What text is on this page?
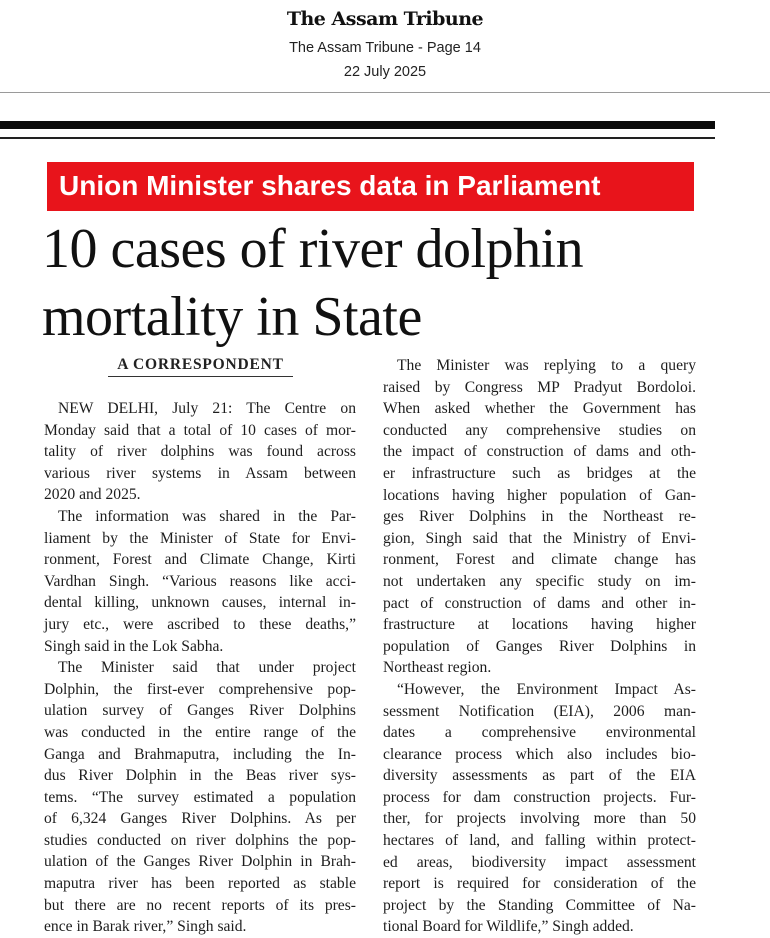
The Assam Tribune
The Assam Tribune - Page 14
22 July 2025
Union Minister shares data in Parliament
10 cases of river dolphin
mortality in State
A CORRESPONDENT
NEW DELHI, July 21: The Centre on
Monday said that a total of 10 cases of mor-
tality of river dolphins was found across
various river systems in Assam between
2020 and 2025.
The information was shared in the Par-
liament by the Minister of State for Envi-
ronment, Forest and Climate Change, Kirti
Vardhan Singh. “Various reasons like acci-
dental killing, unknown causes, internal in-
jury etc., were ascribed to these deaths,”
Singh said in the Lok Sabha.
The Minister said that under project
Dolphin, the first-ever comprehensive pop-
ulation survey of Ganges River Dolphins
was conducted in the entire range of the
Ganga and Brahmaputra, including the In-
dus River Dolphin in the Beas river sys-
tems. “The survey estimated a population
of 6,324 Ganges River Dolphins. As per
studies conducted on river dolphins the pop-
ulation of the Ganges River Dolphin in Brah-
maputra river has been reported as stable
but there are no recent reports of its pres-
ence in Barak river,” Singh said.
The Minister was replying to a query
raised by Congress MP Pradyut Bordoloi.
When asked whether the Government has
conducted any comprehensive studies on
the impact of construction of dams and oth-
er infrastructure such as bridges at the
locations having higher population of Gan-
ges River Dolphins in the Northeast re-
gion, Singh said that the Ministry of Envi-
ronment, Forest and climate change has
not undertaken any specific study on im-
pact of construction of dams and other in-
frastructure at locations having higher
population of Ganges River Dolphins in
Northeast region.
“However, the Environment Impact As-
sessment Notification (EIA), 2006 man-
dates a comprehensive environmental
clearance process which also includes bio-
diversity assessments as part of the EIA
process for dam construction projects. Fur-
ther, for projects involving more than 50
hectares of land, and falling within protect-
ed areas, biodiversity impact assessment
report is required for consideration of the
project by the Standing Committee of Na-
tional Board for Wildlife,” Singh added.
